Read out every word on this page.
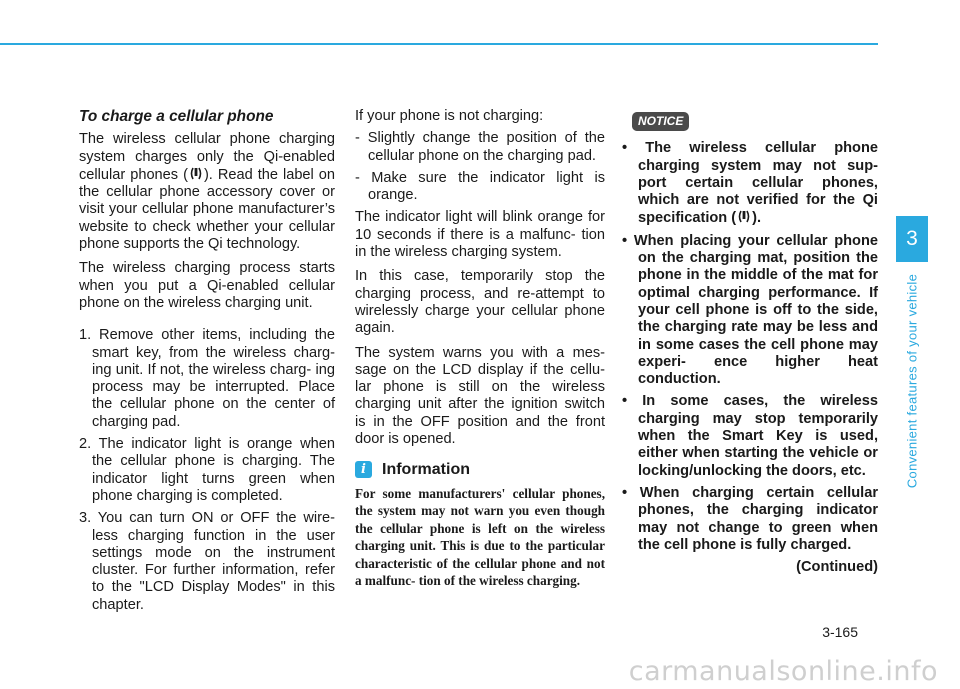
To charge a cellular phone

The wireless cellular phone charging system charges only the Qi-enabled cellular phones ( ). Read the label on the cellular phone accessory cover or visit your cellular phone manufacturer’s website to check whether your cellular phone supports the Qi technology.

The wireless charging process starts when you put a Qi-enabled cellular phone on the wireless charging unit.

1. Remove other items, including the smart key, from the wireless charg- ing unit. If not, the wireless charg- ing process may be interrupted. Place the cellular phone on the center of charging pad.

2. The indicator light is orange when the cellular phone is charging. The indicator light turns green when phone charging is completed.

3. You can turn ON or OFF the wire- less charging function in the user settings mode on the instrument cluster. For further information, refer to the "LCD Display Modes" in this chapter.

If your phone is not charging:

- Slightly change the position of the cellular phone on the charging pad.

- Make sure the indicator light is orange.

The indicator light will blink orange for 10 seconds if there is a malfunc- tion in the wireless charging system.

In this case, temporarily stop the charging process, and re-attempt to wirelessly charge your cellular phone again.

The system warns you with a mes- sage on the LCD display if the cellu- lar phone is still on the wireless charging unit after the ignition switch is in the OFF position and the front door is opened.

i	Information

For some manufacturers' cellular phones, the system may not warn you even though the cellular phone is left on the wireless charging unit. This is due to the particular characteristic of the cellular phone and not a malfunc- tion of the wireless charging.

NOTICE

• The wireless cellular phone charging system may not sup- port certain cellular phones, which are not verified for the Qi specification ( ).

• When placing your cellular phone on the charging mat, position the phone in the middle of the mat for optimal charging performance. If your cell phone is off to the side, the charging rate may be less and in some cases the cell phone may experi- ence higher heat conduction.

• In some cases, the wireless charging may stop temporarily when the Smart Key is used, either when starting the vehicle or locking/unlocking the doors, etc.

• When charging certain cellular phones, the charging indicator may not change to green when the cell phone is fully charged.

(Continued)

3
Convenient features of your vehicle
3-165
carmanualsonline.info
